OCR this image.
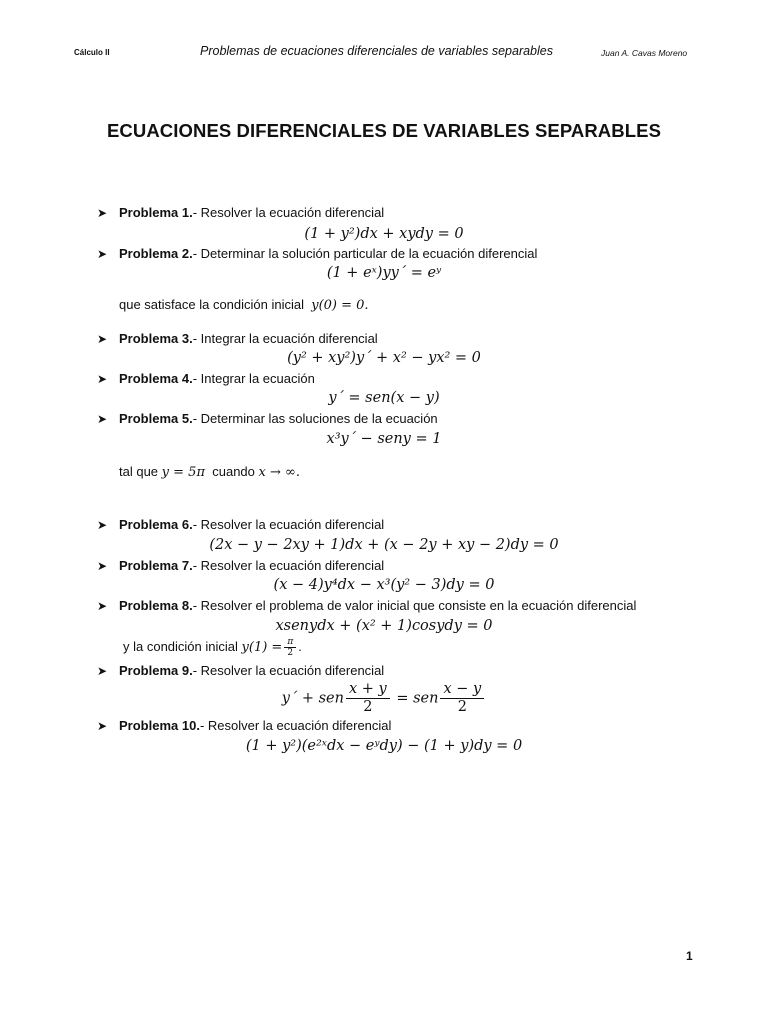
Cálculo II	Problemas de ecuaciones diferenciales de variables separables	Juan A. Cavas Moreno
ECUACIONES DIFERENCIALES DE VARIABLES SEPARABLES
➤ Problema 1.- Resolver la ecuación diferencial
(1 + y²)dx + xydy = 0
➤ Problema 2.- Determinar la solución particular de la ecuación diferencial
(1 + eˣ)yy´ = eʸ
que satisface la condición inicial y(0) = 0.
➤ Problema 3.- Integrar la ecuación diferencial
(y² + xy²)y´ + x² − yx² = 0
➤ Problema 4.- Integrar la ecuación
y´ = sen(x − y)
➤ Problema 5.- Determinar las soluciones de la ecuación
x³y´ − seny = 1
tal que y = 5π cuando x → ∞.
➤ Problema 6.- Resolver la ecuación diferencial
(2x − y − 2xy + 1)dx + (x − 2y + xy − 2)dy = 0
➤ Problema 7.- Resolver la ecuación diferencial
(x − 4)y⁴dx − x³(y² − 3)dy = 0
➤ Problema 8.- Resolver el problema de valor inicial que consiste en la ecuación diferencial
xsenydx + (x² + 1)cosydy = 0
y la condición inicial $y(1) = \frac{\pi}{2}$ .
➤ Problema 9.- Resolver la ecuación diferencial
y´ + sen $\frac{x + y}{2}$ = sen $\frac{x - y}{2}$
➤ Problema 10.- Resolver la ecuación diferencial
(1 + y²)(e²ˣdx − eʸdy) − (1 + y)dy = 0
1
